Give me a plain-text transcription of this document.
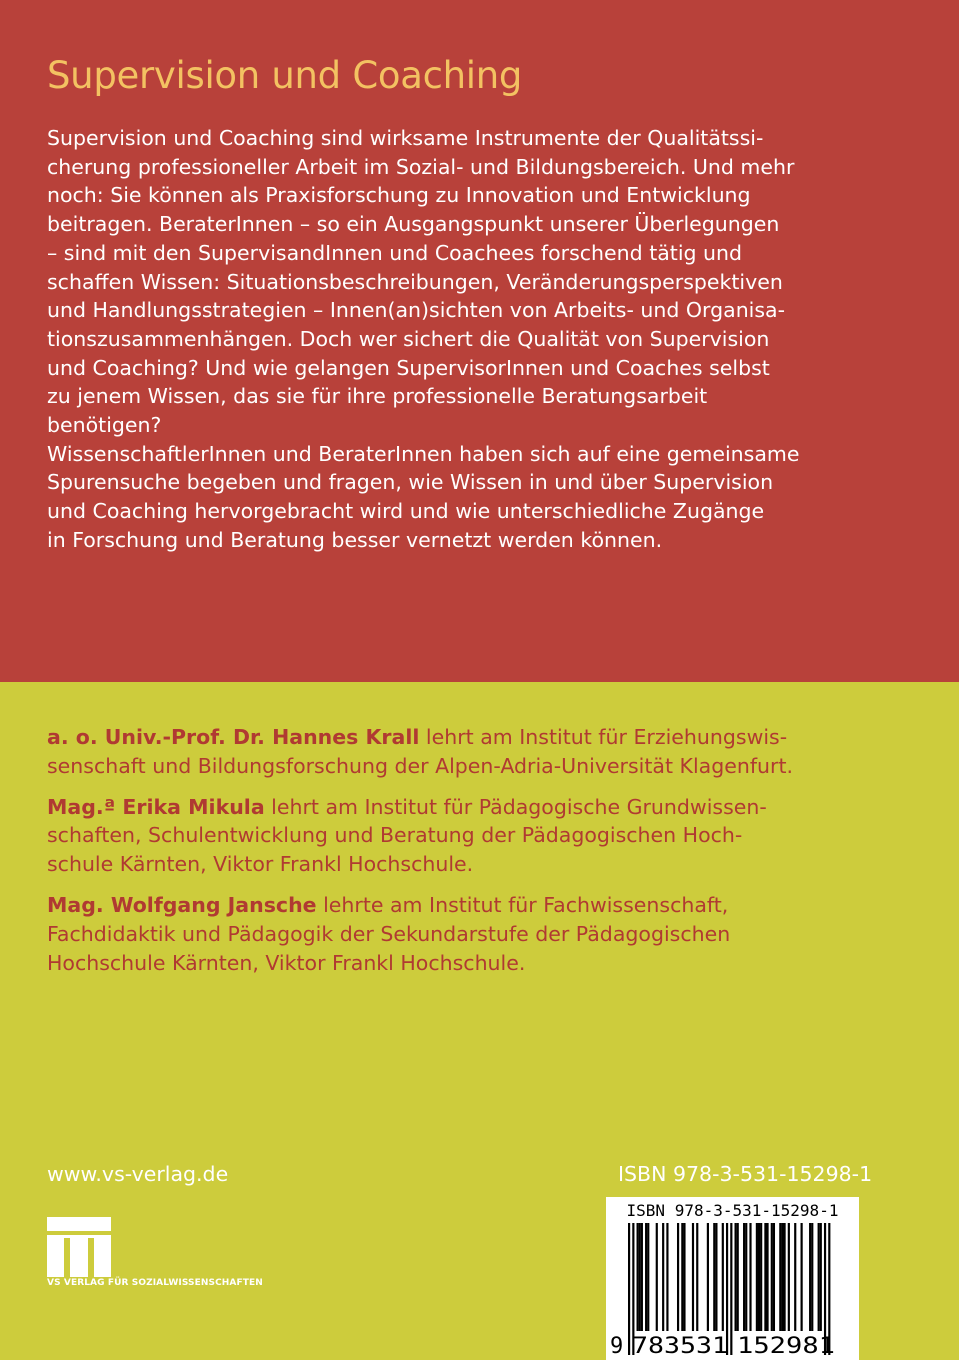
Supervision und Coaching
Supervision und Coaching sind wirksame Instrumente der Qualitätssi-
cherung professioneller Arbeit im Sozial- und Bildungsbereich. Und mehr
noch: Sie können als Praxisforschung zu Innovation und Entwicklung
beitragen. BeraterInnen – so ein Ausgangspunkt unserer Überlegungen
– sind mit den SupervisandInnen und Coachees forschend tätig und
schaffen Wissen: Situationsbeschreibungen, Veränderungsperspektiven
und Handlungsstrategien – Innen(an)sichten von Arbeits- und Organisa-
tionszusammenhängen. Doch wer sichert die Qualität von Supervision
und Coaching? Und wie gelangen SupervisorInnen und Coaches selbst
zu jenem Wissen, das sie für ihre professionelle Beratungsarbeit
benötigen?
WissenschaftlerInnen und BeraterInnen haben sich auf eine gemeinsame
Spurensuche begeben und fragen, wie Wissen in und über Supervision
und Coaching hervorgebracht wird und wie unterschiedliche Zugänge
in Forschung und Beratung besser vernetzt werden können.

a. o. Univ.-Prof. Dr. Hannes Krall lehrt am Institut für Erziehungswis-
senschaft und Bildungsforschung der Alpen-Adria-Universität Klagenfurt.

Mag.ª Erika Mikula lehrt am Institut für Pädagogische Grundwissen-
schaften, Schulentwicklung und Beratung der Pädagogischen Hoch-
schule Kärnten, Viktor Frankl Hochschule.

Mag. Wolfgang Jansche lehrte am Institut für Fachwissenschaft,
Fachdidaktik und Pädagogik der Sekundarstufe der Pädagogischen
Hochschule Kärnten, Viktor Frankl Hochschule.

www.vs-verlag.de	ISBN 978-3-531-15298-1
VS VERLAG FÜR SOZIALWISSENSCHAFTEN
ISBN 978-3-531-15298-1
9 783531 152981
